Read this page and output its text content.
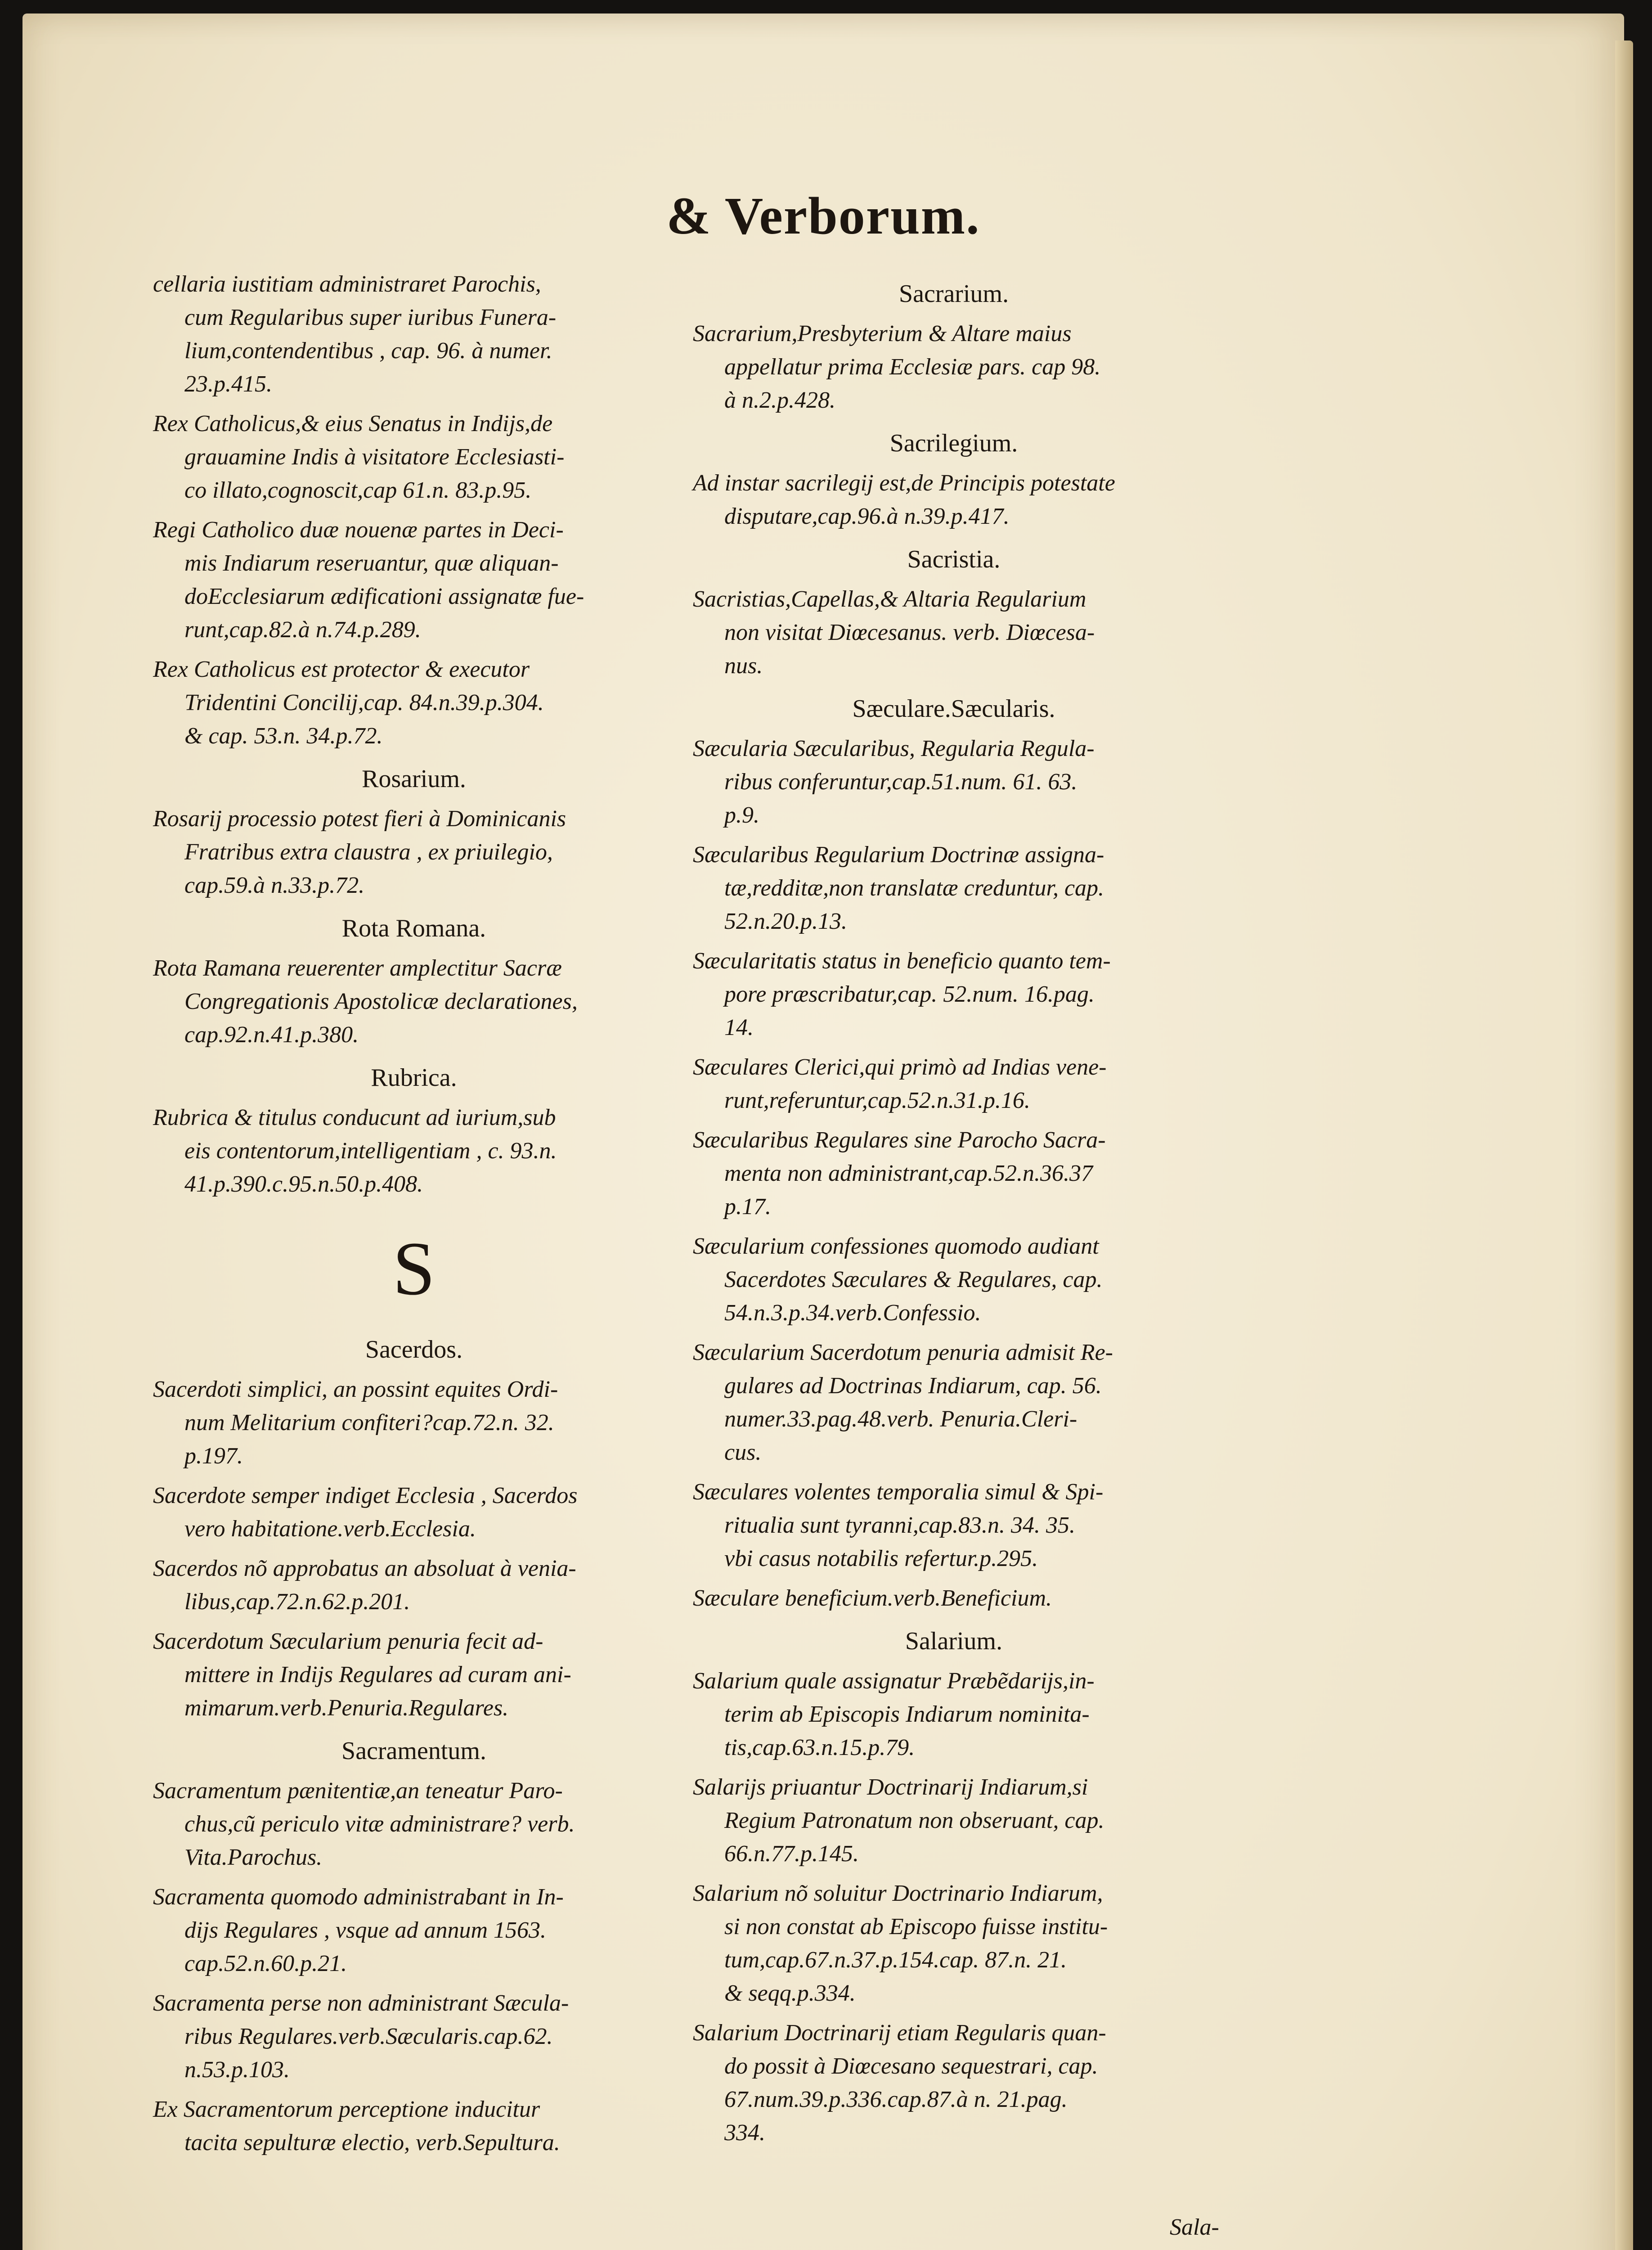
& Verborum.
cellaria iustitiam administraret Parochis,
cum Regularibus super iuribus Funera-
lium,contendentibus , cap. 96. à numer.
23.p.415.
Rex Catholicus,& eius Senatus in Indijs,de
grauamine Indis à visitatore Ecclesiasti-
co illato,cognoscit,cap 61.n. 83.p.95.
Regi Catholico duæ nouenæ partes in Deci-
mis Indiarum reseruantur, quæ aliquan-
doEcclesiarum ædificationi assignatæ fue-
runt,cap.82.à n.74.p.289.
Rex Catholicus est protector & executor
Tridentini Concilij,cap. 84.n.39.p.304.
& cap. 53.n. 34.p.72.
Rosarium.
Rosarij processio potest fieri à Dominicanis
Fratribus extra claustra , ex priuilegio,
cap.59.à n.33.p.72.
Rota Romana.
Rota Ramana reuerenter amplectitur Sacræ
Congregationis Apostolicæ declarationes,
cap.92.n.41.p.380.
Rubrica.
Rubrica & titulus conducunt ad iurium,sub
eis contentorum,intelligentiam , c. 93.n.
41.p.390.c.95.n.50.p.408.
S
Sacerdos.
Sacerdoti simplici, an possint equites Ordi-
num Melitarium confiteri?cap.72.n. 32.
p.197.
Sacerdote semper indiget Ecclesia , Sacerdos
vero habitatione.verb.Ecclesia.
Sacerdos nõ approbatus an absoluat à venia-
libus,cap.72.n.62.p.201.
Sacerdotum Sæcularium penuria fecit ad-
mittere in Indijs Regulares ad curam ani-
mimarum.verb.Penuria.Regulares.
Sacramentum.
Sacramentum pænitentiæ,an teneatur Paro-
chus,cũ periculo vitæ administrare? verb.
Vita.Parochus.
Sacramenta quomodo administrabant in In-
dijs Regulares , vsque ad annum 1563.
cap.52.n.60.p.21.
Sacramenta perse non administrant Sæcula-
ribus Regulares.verb.Sæcularis.cap.62.
n.53.p.103.
Ex Sacramentorum perceptione inducitur
tacita sepulturæ electio, verb.Sepultura.
Sacrarium.
Sacrarium,Presbyterium & Altare maius
appellatur prima Ecclesiæ pars. cap 98.
à n.2.p.428.
Sacrilegium.
Ad instar sacrilegij est,de Principis potestate
disputare,cap.96.à n.39.p.417.
Sacristia.
Sacristias,Capellas,& Altaria Regularium
non visitat Diœcesanus. verb. Diœcesa-
nus.
Sæculare.Sæcularis.
Sæcularia Sæcularibus, Regularia Regula-
ribus conferuntur,cap.51.num. 61. 63.
p.9.
Sæcularibus Regularium Doctrinæ assigna-
tæ,redditæ,non translatæ creduntur, cap.
52.n.20.p.13.
Sæcularitatis status in beneficio quanto tem-
pore præscribatur,cap. 52.num. 16.pag.
14.
Sæculares Clerici,qui primò ad Indias vene-
runt,referuntur,cap.52.n.31.p.16.
Sæcularibus Regulares sine Parocho Sacra-
menta non administrant,cap.52.n.36.37
p.17.
Sæcularium confessiones quomodo audiant
Sacerdotes Sæculares & Regulares, cap.
54.n.3.p.34.verb.Confessio.
Sæcularium Sacerdotum penuria admisit Re-
gulares ad Doctrinas Indiarum, cap. 56.
numer.33.pag.48.verb. Penuria.Cleri-
cus.
Sæculares volentes temporalia simul & Spi-
ritualia sunt tyranni,cap.83.n. 34. 35.
vbi casus notabilis refertur.p.295.
Sæculare beneficium.verb.Beneficium.
Salarium.
Salarium quale assignatur Præbẽdarijs,in-
terim ab Episcopis Indiarum nominita-
tis,cap.63.n.15.p.79.
Salarijs priuantur Doctrinarij Indiarum,si
Regium Patronatum non obseruant, cap.
66.n.77.p.145.
Salarium nõ soluitur Doctrinario Indiarum,
si non constat ab Episcopo fuisse institu-
tum,cap.67.n.37.p.154.cap. 87.n. 21.
& seqq.p.334.
Salarium Doctrinarij etiam Regularis quan-
do possit à Diœcesano sequestrari, cap.
67.num.39.p.336.cap.87.à n. 21.pag.
334.
Sala-
